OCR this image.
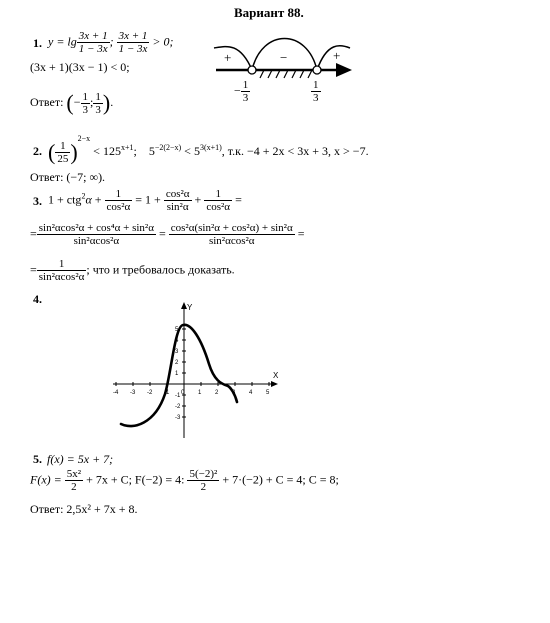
Вариант 88.
1. $y = \lg \frac{3x + 1}{1 - 3x}$ ; $\frac{3x + 1}{1 - 3x} > 0$;
(3x + 1)(3x − 1) < 0;
Ответ: (− $\frac{1}{3}$ ; $\frac{1}{3}$ ).
+	−	+
− $\frac{1}{3}$	$\frac{1}{3}$
2. ( $\frac{1}{25} )^{2-x} < 125^{x+1}$; $5^{-2(2-x)} < 5^{3(x+1)}$, т.к. −4 + 2x < 3x + 3, x > −7.
Ответ: (−7; ∞).
3. $1 + ctg^2\alpha + \frac{1}{\text{cos²α}} = 1 + \frac{\text{cos²α}}{\text{sin²α}} + \frac{1}{\text{cos²α}}$ =
= $\frac{\text{sin²αcos²α + cos⁴α + sin²α}}{\text{sin²αcos²α}} = \frac{\text{cos²α(sin²α + cos²α) + sin²α}}{\text{sin²αcos²α}}$ =
= $\frac{1}{\text{sin²αcos²α}}$ ; что и требовалось доказать.
4.
X
Y
-4 -3 -2 -1 0 1 2 3 4 5
5
4
3
2
1
-1
-2
-3
5. f(x) = 5x + 7;
$F(x) = \frac{\text{5x²}}{2} + 7x + C$; F(−2) = 4: $\frac{\text{5(−2)²}}{2} + 7\cdot(-2) + C = 4$; C = 8;
Ответ: 2,5x² + 7x + 8.
